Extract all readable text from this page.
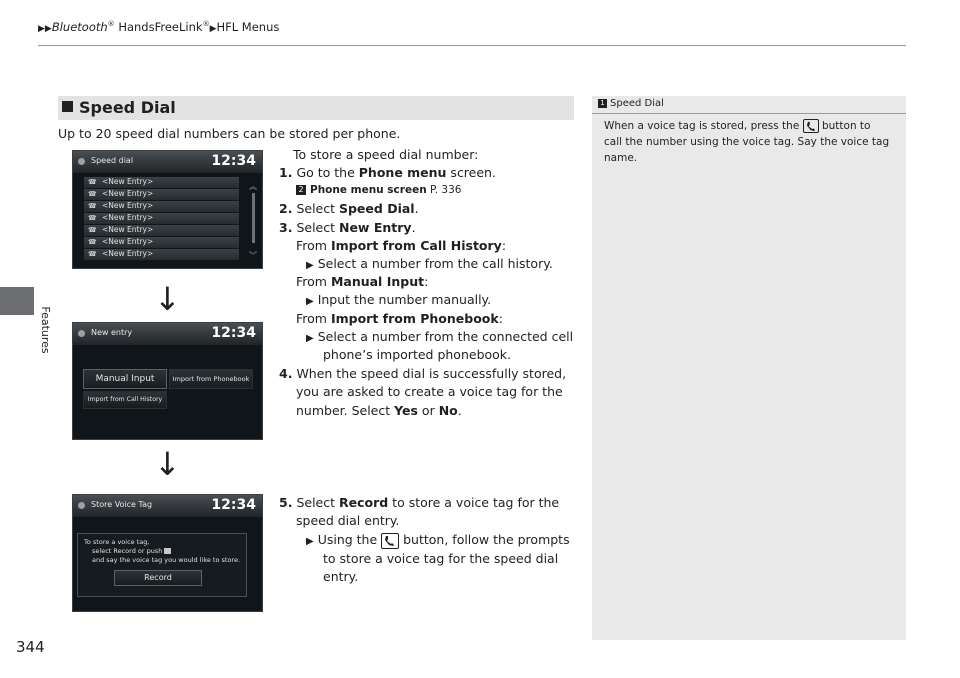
▶▶Bluetooth® HandsFreeLink®▶HFL Menus
Features
344
Speed Dial
Up to 20 speed dial numbers can be stored per phone.
Speed dial	12:34
☎ <New Entry>
☎ <New Entry>
☎ <New Entry>
☎ <New Entry>
☎ <New Entry>
☎ <New Entry>
☎ <New Entry>
︽
︾
↓
New entry	12:34
Manual Input	Import from Phonebook
Import from Call History
↓
Store Voice Tag	12:34
To store a voice tag,
select Record or push
and say the voice tag you would like to store.
Record
To store a speed dial number:
1. Go to the Phone menu screen.
2 Phone menu screen P. 336
2. Select Speed Dial.
3. Select New Entry.
From Import from Call History:
▶ Select a number from the call history.
From Manual Input:
▶ Input the number manually.
From Import from Phonebook:
▶ Select a number from the connected cell
phone’s imported phonebook.
4. When the speed dial is successfully stored,
you are asked to create a voice tag for the
number. Select Yes or No.
5. Select Record to store a voice tag for the
speed dial entry.
▶ Using the
button, follow the prompts
to store a voice tag for the speed dial
entry.
1 Speed Dial
When a voice tag is stored, press the
button to
call the number using the voice tag. Say the voice tag
name.
